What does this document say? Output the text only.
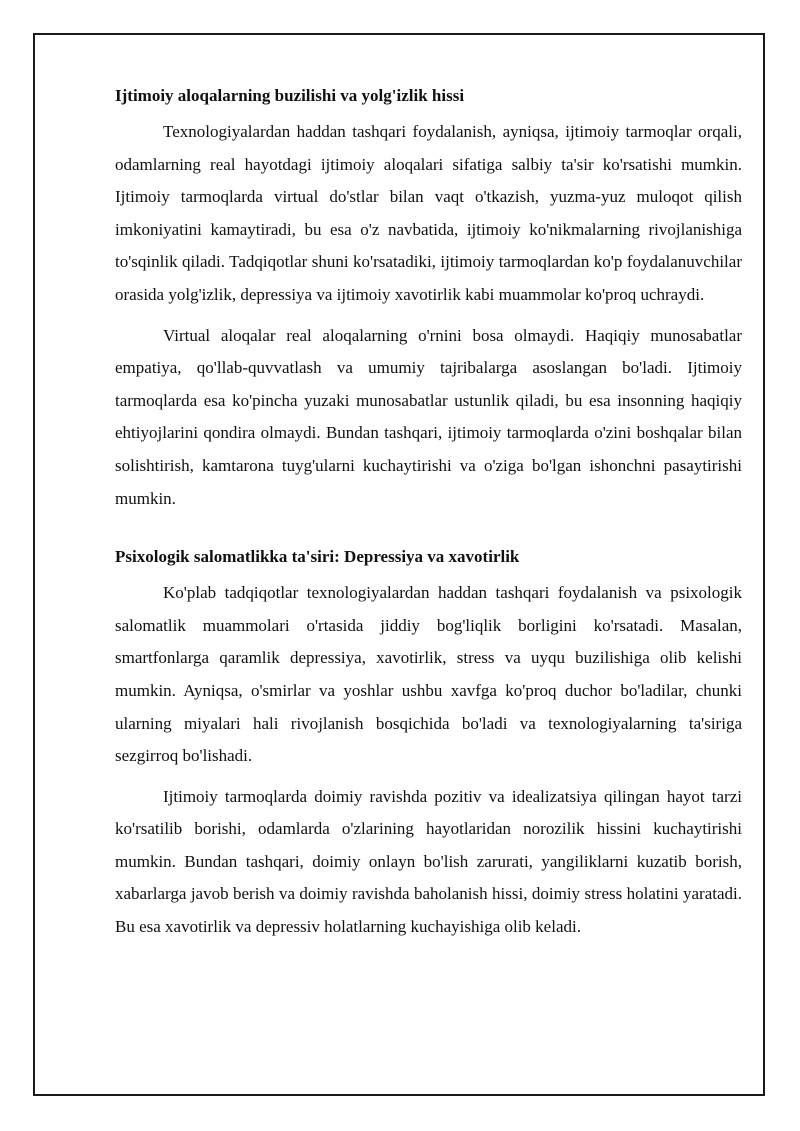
Ijtimoiy aloqalarning buzilishi va yolg'izlik hissi

Texnologiyalardan haddan tashqari foydalanish, ayniqsa, ijtimoiy tarmoqlar orqali, odamlarning real hayotdagi ijtimoiy aloqalari sifatiga salbiy ta'sir ko'rsatishi mumkin. Ijtimoiy tarmoqlarda virtual do'stlar bilan vaqt o'tkazish, yuzma-yuz muloqot qilish imkoniyatini kamaytiradi, bu esa o'z navbatida, ijtimoiy ko'nikmalarning rivojlanishiga to'sqinlik qiladi. Tadqiqotlar shuni ko'rsatadiki, ijtimoiy tarmoqlardan ko'p foydalanuvchilar orasida yolg'izlik, depressiya va ijtimoiy xavotirlik kabi muammolar ko'proq uchraydi.

Virtual aloqalar real aloqalarning o'rnini bosa olmaydi. Haqiqiy munosabatlar empatiya, qo'llab-quvvatlash va umumiy tajribalarga asoslangan bo'ladi. Ijtimoiy tarmoqlarda esa ko'pincha yuzaki munosabatlar ustunlik qiladi, bu esa insonning haqiqiy ehtiyojlarini qondira olmaydi. Bundan tashqari, ijtimoiy tarmoqlarda o'zini boshqalar bilan solishtirish, kamtarona tuyg'ularni kuchaytirishi va o'ziga bo'lgan ishonchni pasaytirishi mumkin.

Psixologik salomatlikka ta'siri: Depressiya va xavotirlik

Ko'plab tadqiqotlar texnologiyalardan haddan tashqari foydalanish va psixologik salomatlik muammolari o'rtasida jiddiy bog'liqlik borligini ko'rsatadi. Masalan, smartfonlarga qaramlik depressiya, xavotirlik, stress va uyqu buzilishiga olib kelishi mumkin. Ayniqsa, o'smirlar va yoshlar ushbu xavfga ko'proq duchor bo'ladilar, chunki ularning miyalari hali rivojlanish bosqichida bo'ladi va texnologiyalarning ta'siriga sezgirroq bo'lishadi.

Ijtimoiy tarmoqlarda doimiy ravishda pozitiv va idealizatsiya qilingan hayot tarzi ko'rsatilib borishi, odamlarda o'zlarining hayotlaridan norozilik hissini kuchaytirishi mumkin. Bundan tashqari, doimiy onlayn bo'lish zarurati, yangiliklarni kuzatib borish, xabarlarga javob berish va doimiy ravishda baholanish hissi, doimiy stress holatini yaratadi. Bu esa xavotirlik va depressiv holatlarning kuchayishiga olib keladi.
